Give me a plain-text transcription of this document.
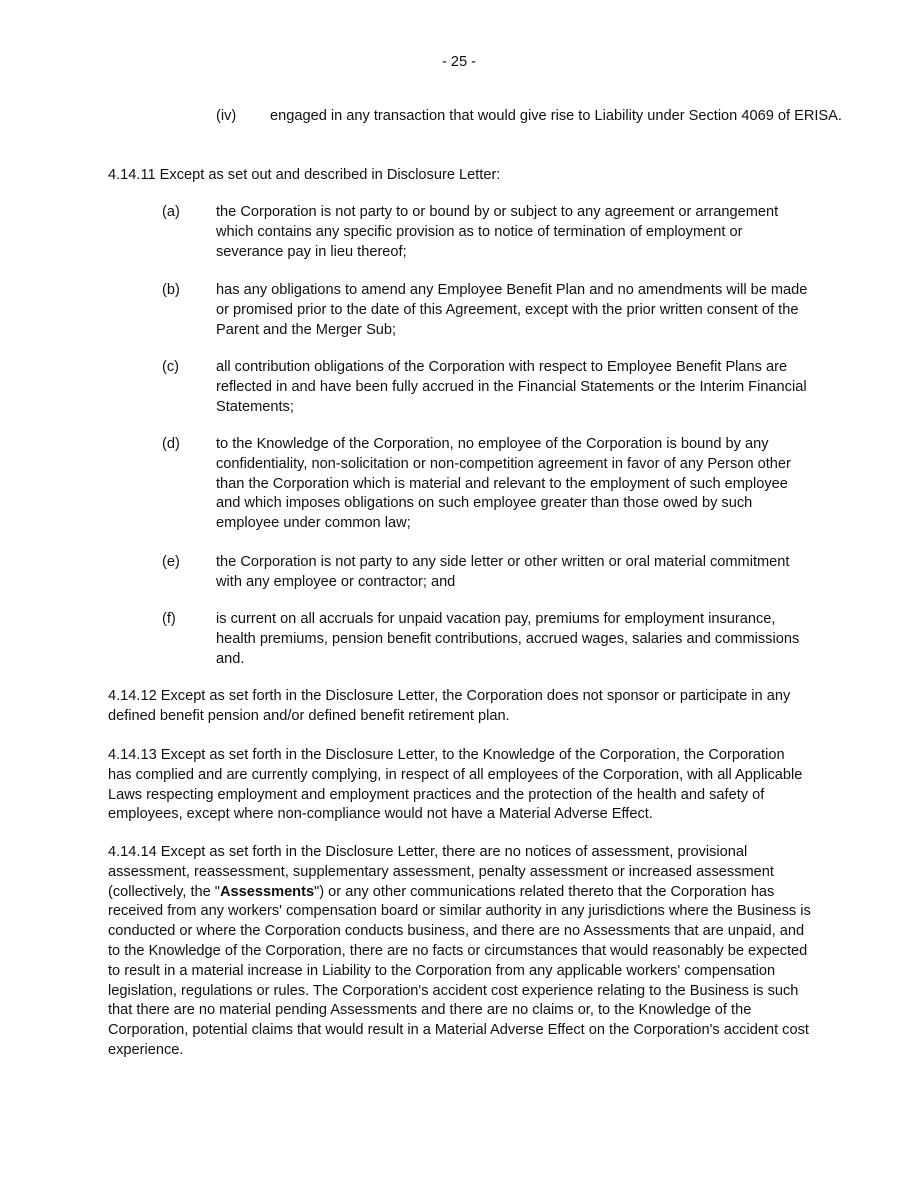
- 25 -
(iv) engaged in any transaction that would give rise to Liability under Section 4069 of ERISA.
4.14.11 Except as set out and described in Disclosure Letter:
(a) the Corporation is not party to or bound by or subject to any agreement or arrangement which contains any specific provision as to notice of termination of employment or severance pay in lieu thereof;
(b) has any obligations to amend any Employee Benefit Plan and no amendments will be made or promised prior to the date of this Agreement, except with the prior written consent of the Parent and the Merger Sub;
(c)	all contribution obligations of the Corporation with respect to Employee Benefit Plans are reflected in and have been fully accrued in the Financial Statements or the Interim Financial Statements;
(d) to the Knowledge of the Corporation, no employee of the Corporation is bound by any confidentiality, non-solicitation or non-competition agreement in favor of any Person other than the Corporation which is material and relevant to the employment of such employee and which imposes obligations on such employee greater than those owed by such employee under common law;
(e) the Corporation is not party to any side letter or other written or oral material commitment with any employee or contractor; and
(f)	is current on all accruals for unpaid vacation pay, premiums for employment insurance, health premiums, pension benefit contributions, accrued wages, salaries and commissions and.
4.14.12 Except as set forth in the Disclosure Letter, the Corporation does not sponsor or participate in any defined benefit pension and/or defined benefit retirement plan.
4.14.13 Except as set forth in the Disclosure Letter, to the Knowledge of the Corporation, the Corporation has complied and are currently complying, in respect of all employees of the Corporation, with all Applicable Laws respecting employment and employment practices and the protection of the health and safety of employees, except where non-compliance would not have a Material Adverse Effect.
4.14.14 Except as set forth in the Disclosure Letter, there are no notices of assessment, provisional assessment, reassessment, supplementary assessment, penalty assessment or increased assessment (collectively, the "Assessments") or any other communications related thereto that the Corporation has received from any workers' compensation board or similar authority in any jurisdictions where the Business is conducted or where the Corporation conducts business, and there are no Assessments that are unpaid, and to the Knowledge of the Corporation, there are no facts or circumstances that would reasonably be expected to result in a material increase in Liability to the Corporation from any applicable workers' compensation legislation, regulations or rules. The Corporation's accident cost experience relating to the Business is such that there are no material pending Assessments and there are no claims or, to the Knowledge of the Corporation, potential claims that would result in a Material Adverse Effect on the Corporation's accident cost experience.
